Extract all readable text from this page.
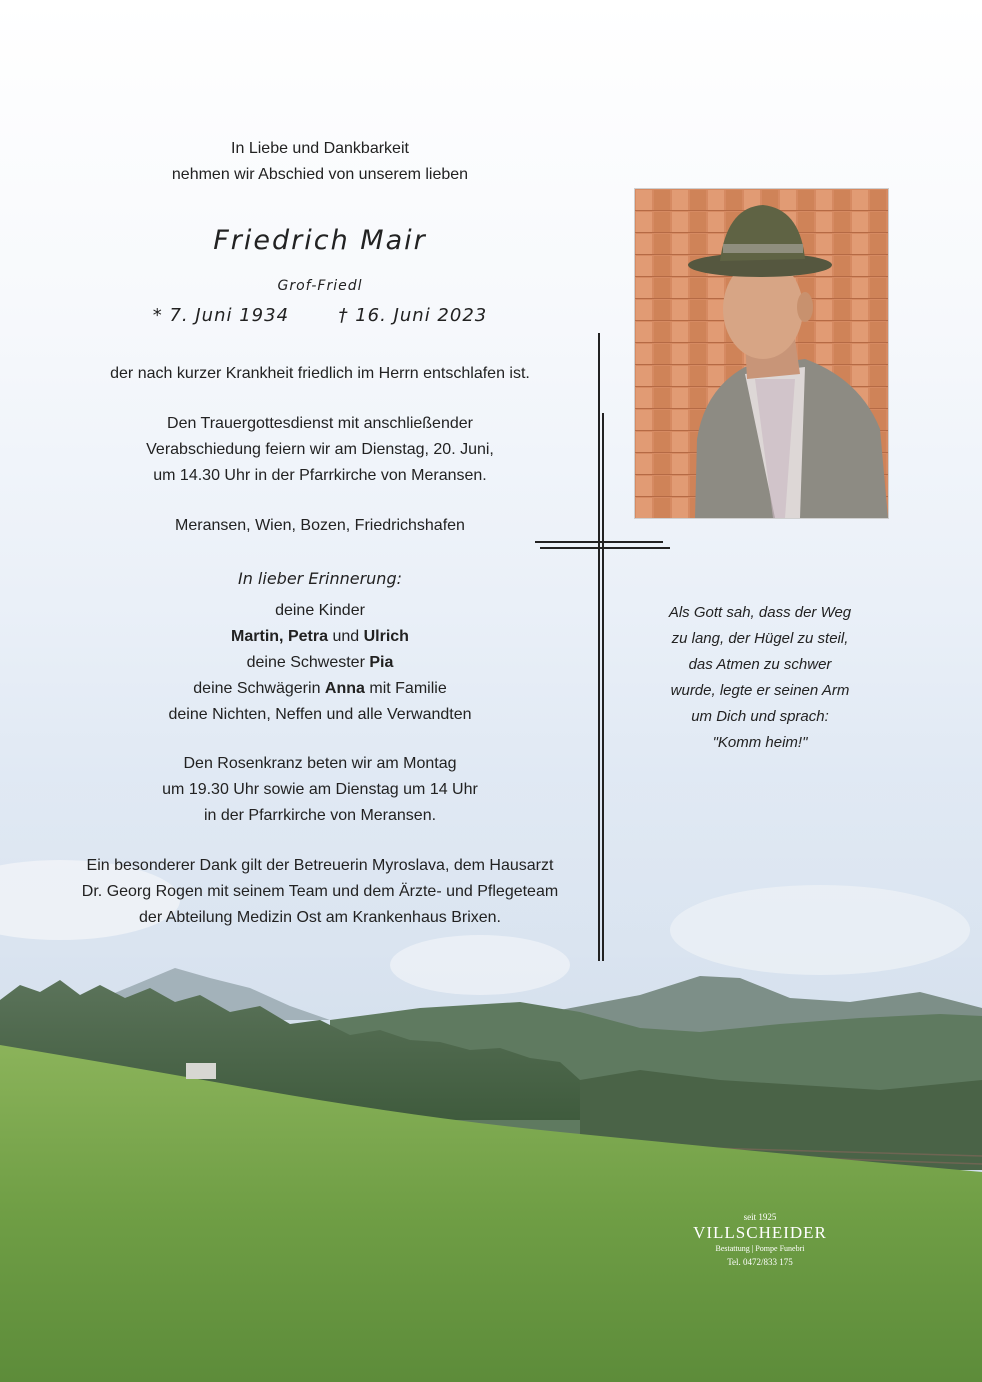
In Liebe und Dankbarkeit
nehmen wir Abschied von unserem lieben
Friedrich Mair
Grof-Friedl
* 7. Juni 1934	† 16. Juni 2023
der nach kurzer Krankheit friedlich im Herrn entschlafen ist.
Den Trauergottesdienst mit anschließender
Verabschiedung feiern wir am Dienstag, 20. Juni,
um 14.30 Uhr in der Pfarrkirche von Meransen.
Meransen, Wien, Bozen, Friedrichshafen
In lieber Erinnerung:
deine Kinder
Martin, Petra und Ulrich
deine Schwester Pia
deine Schwägerin Anna mit Familie
deine Nichten, Neffen und alle Verwandten
Den Rosenkranz beten wir am Montag
um 19.30 Uhr sowie am Dienstag um 14 Uhr
in der Pfarrkirche von Meransen.
Ein besonderer Dank gilt der Betreuerin Myroslava, dem Hausarzt
Dr. Georg Rogen mit seinem Team und dem Ärzte- und Pflegeteam
der Abteilung Medizin Ost am Krankenhaus Brixen.
Als Gott sah, dass der Weg
zu lang, der Hügel zu steil,
das Atmen zu schwer
wurde, legte er seinen Arm
um Dich und sprach:
"Komm heim!"
seit 1925
VILLSCHEIDER
Bestattung | Pompe Funebri
Tel. 0472/833 175
